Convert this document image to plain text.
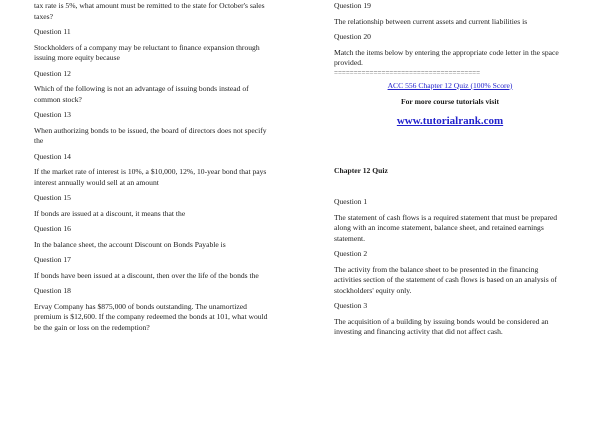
tax rate is 5%, what amount must be remitted to the state for October's sales taxes?

Question 11

Stockholders of a company may be reluctant to finance expansion through issuing more equity because

Question 12

Which of the following is not an advantage of issuing bonds instead of common stock?

Question 13

When authorizing bonds to be issued, the board of directors does not specify the

Question 14

If the market rate of interest is 10%, a $10,000, 12%, 10-year bond that pays interest annually would sell at an amount

Question 15

If bonds are issued at a discount, it means that the

Question 16

In the balance sheet, the account Discount on Bonds Payable is

Question 17

If bonds have been issued at a discount, then over the life of the bonds the

Question 18

Ervay Company has $875,000 of bonds outstanding. The unamortized premium is $12,600. If the company redeemed the bonds at 101, what would be the gain or loss on the redemption?

Question 19

The relationship between current assets and current liabilities is

Question 20

Match the items below by entering the appropriate code letter in the space provided.

=====================================

ACC 556 Chapter 12 Quiz (100% Score)

For more course tutorials visit

www.tutorialrank.com

Chapter 12 Quiz

Question 1

The statement of cash flows is a required statement that must be prepared along with an income statement, balance sheet, and retained earnings statement.

Question 2

The activity from the balance sheet to be presented in the financing activities section of the statement of cash flows is based on an analysis of stockholders' equity only.

Question 3

The acquisition of a building by issuing bonds would be considered an investing and financing activity that did not affect cash.
